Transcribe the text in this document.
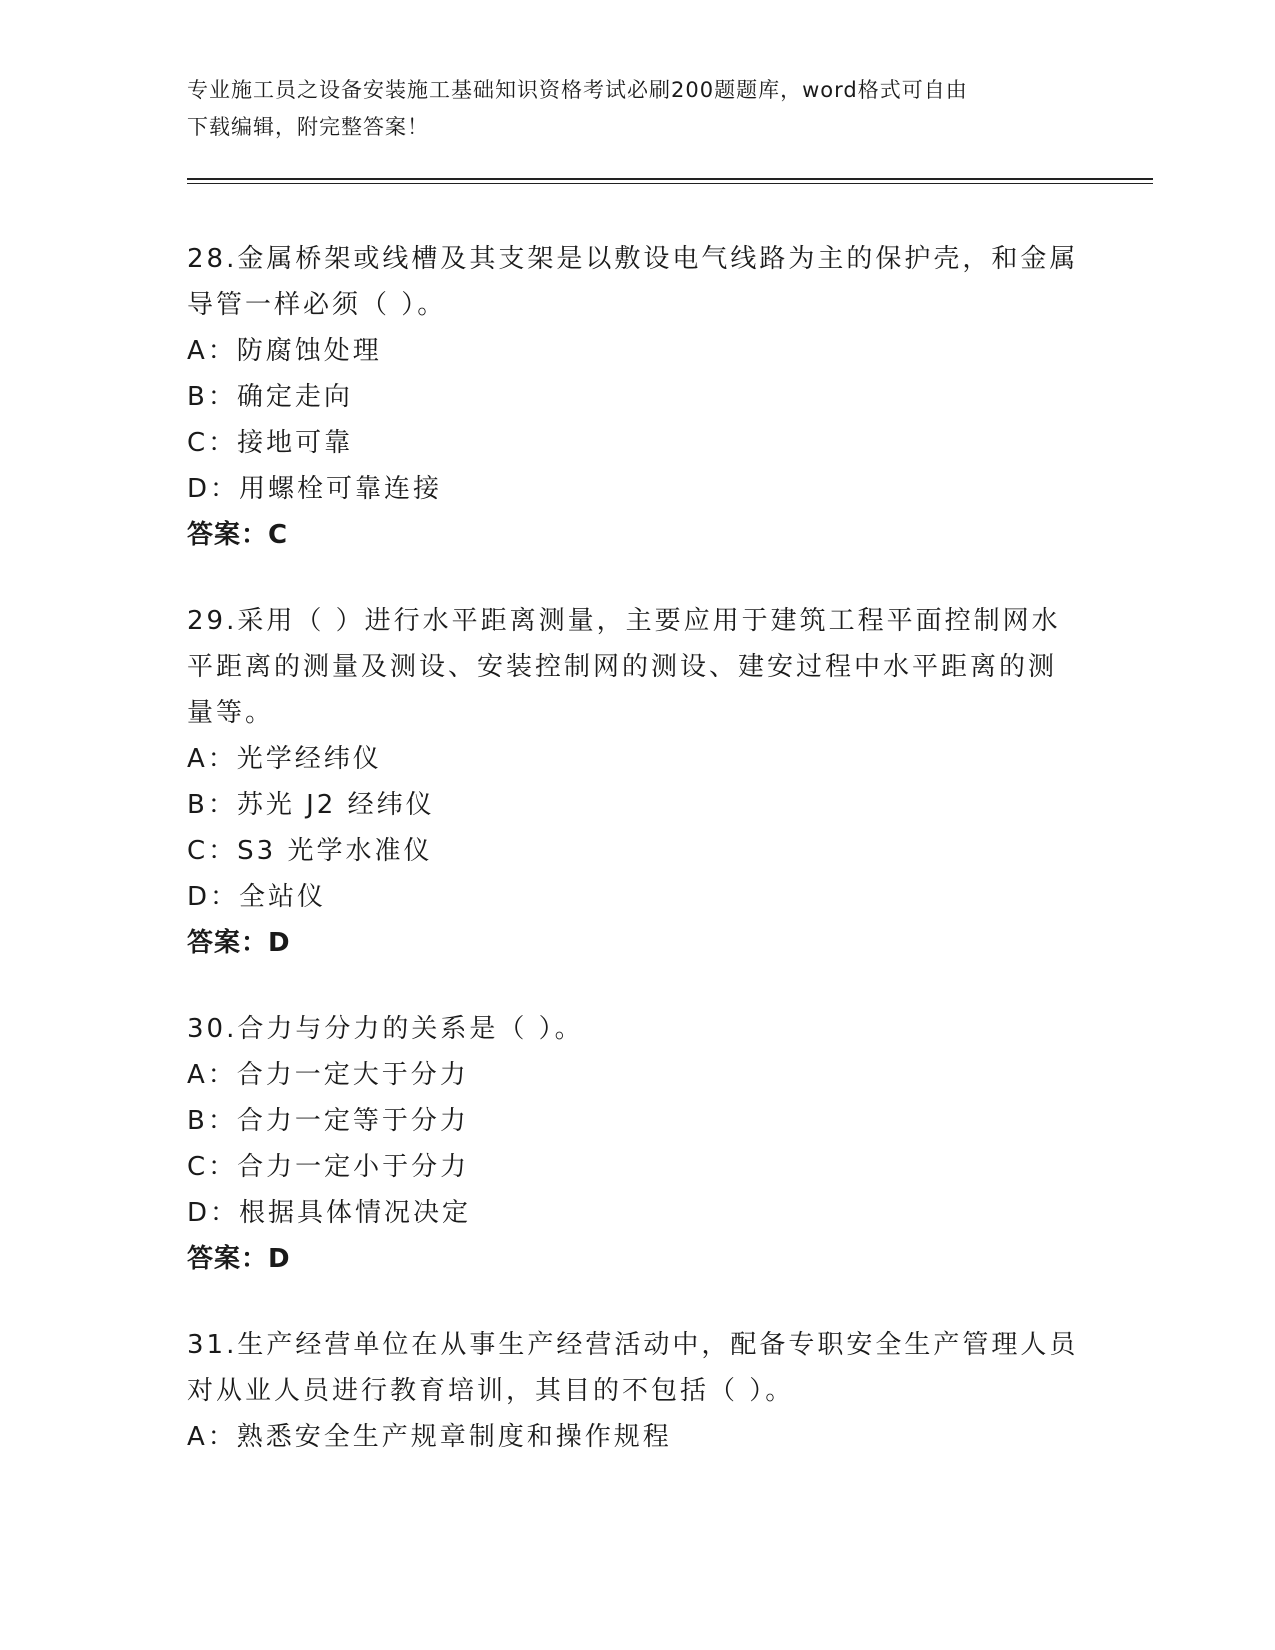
专业施工员之设备安装施工基础知识资格考试必刷200题题库，word格式可自由
下载编辑，附完整答案！

28.金属桥架或线槽及其支架是以敷设电气线路为主的保护壳，和金属

导管一样必须（ ）。

A：防腐蚀处理

B：确定走向

C：接地可靠

D：用螺栓可靠连接

答案：C

29.采用（ ）进行水平距离测量，主要应用于建筑工程平面控制网水

平距离的测量及测设、安装控制网的测设、建安过程中水平距离的测

量等。

A：光学经纬仪

B：苏光 J2 经纬仪

C：S3 光学水准仪

D：全站仪

答案：D

30.合力与分力的关系是（ ）。

A：合力一定大于分力

B：合力一定等于分力

C：合力一定小于分力

D：根据具体情况决定

答案：D

31.生产经营单位在从事生产经营活动中，配备专职安全生产管理人员

对从业人员进行教育培训，其目的不包括（ ）。

A：熟悉安全生产规章制度和操作规程
